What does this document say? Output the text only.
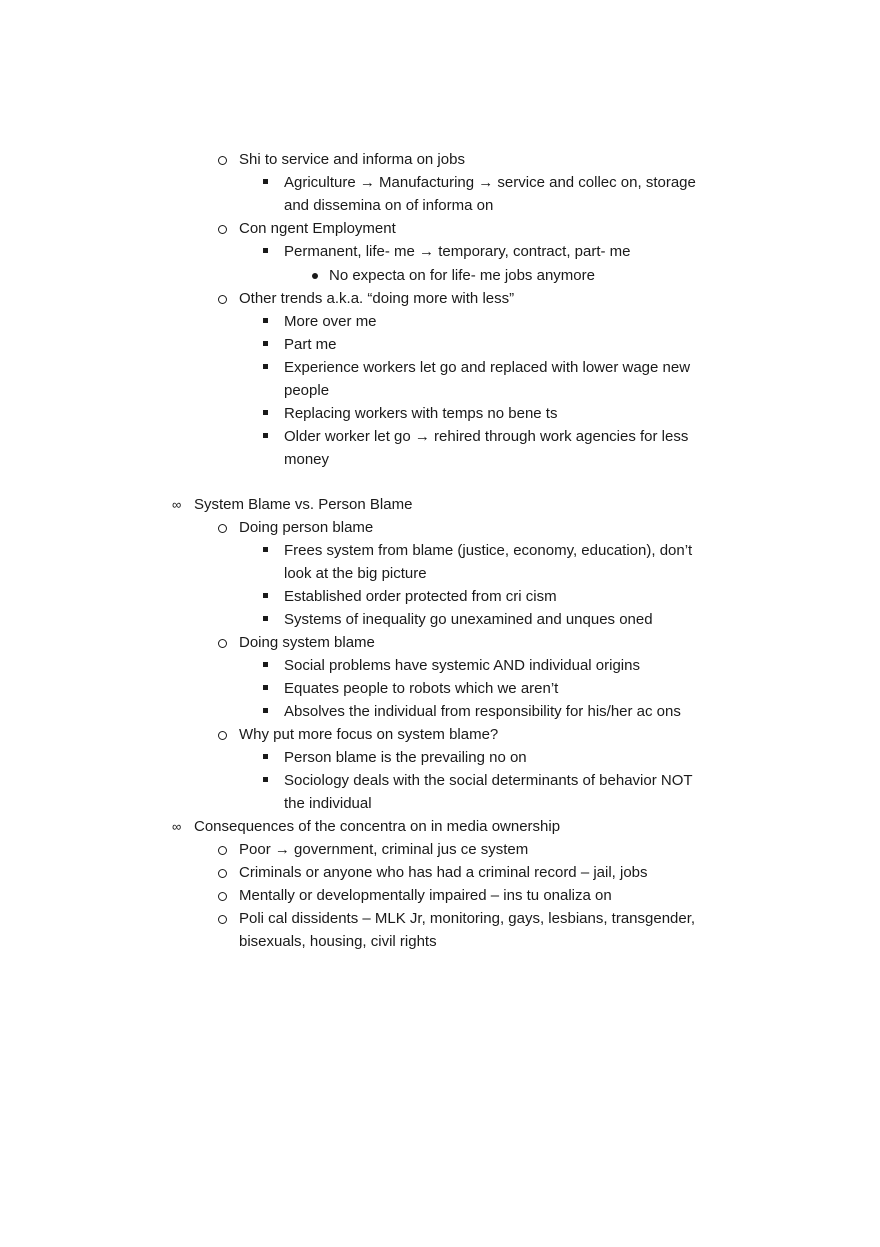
Shi to service and informa on jobs
Agriculture → Manufacturing → service and collec on, storage
and dissemina on of informa on
Con ngent Employment
Permanent, life- me → temporary, contract, part- me
No expecta on for life- me jobs anymore
Other trends a.k.a. “doing more with less”
More over me
Part me
Experience workers let go and replaced with lower wage new
people
Replacing workers with temps no bene ts
Older worker let go → rehired through work agencies for less
money
∞ System Blame vs. Person Blame
Doing person blame
Frees system from blame (justice, economy, education), don’t
look at the big picture
Established order protected from cri cism
Systems of inequality go unexamined and unques oned
Doing system blame
Social problems have systemic AND individual origins
Equates people to robots which we aren’t
Absolves the individual from responsibility for his/her ac ons
Why put more focus on system blame?
Person blame is the prevailing no on
Sociology deals with the social determinants of behavior NOT
the individual
∞ Consequences of the concentra on in media ownership
Poor → government, criminal jus ce system
Criminals or anyone who has had a criminal record – jail, jobs
Mentally or developmentally impaired – ins tu onaliza on
Poli cal dissidents – MLK Jr, monitoring, gays, lesbians, transgender,
bisexuals, housing, civil rights
